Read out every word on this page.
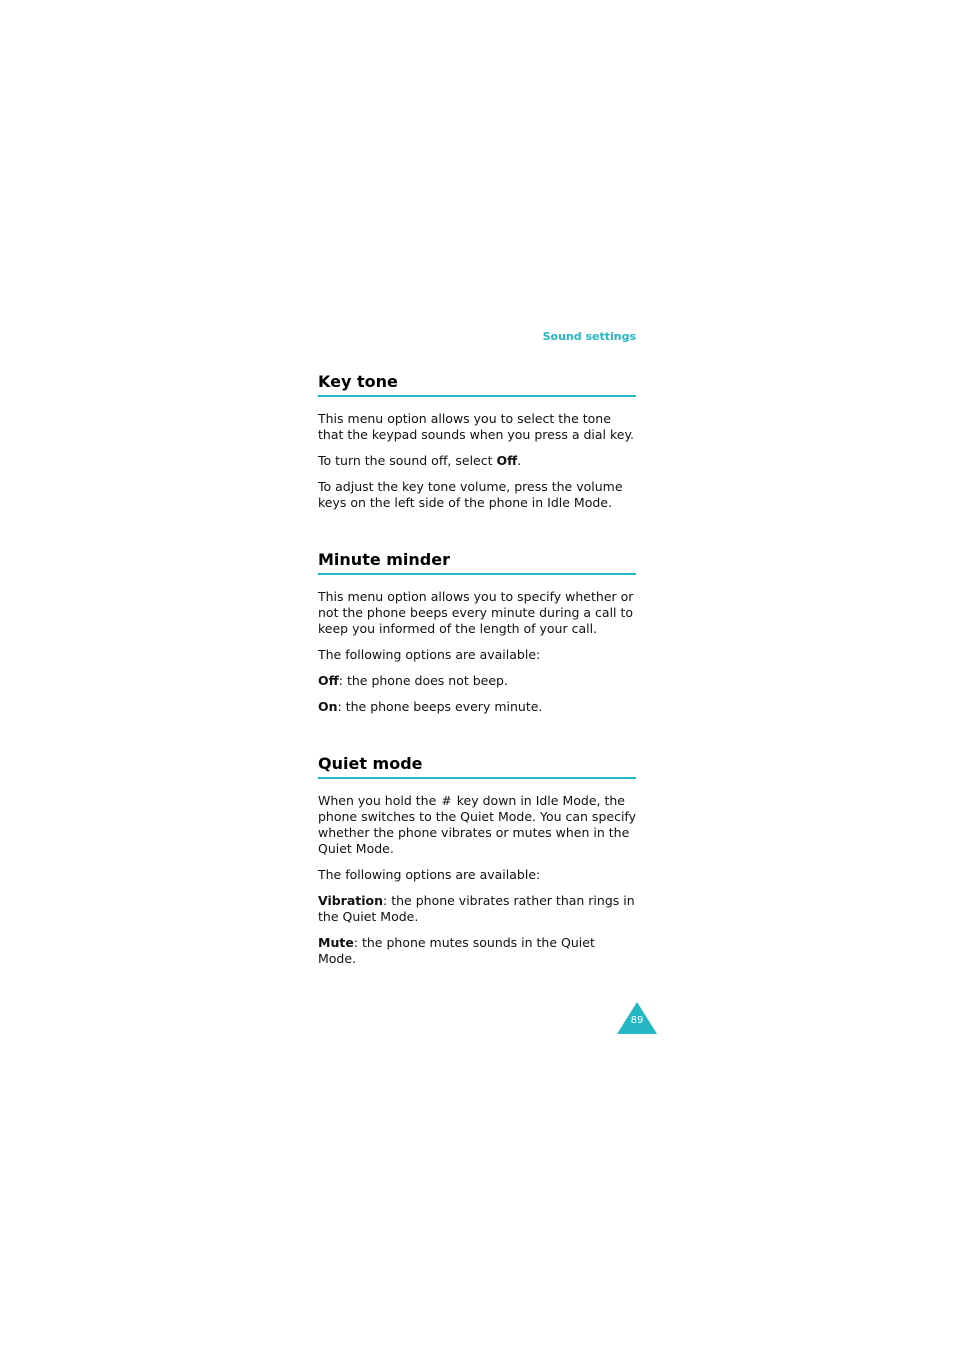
Sound settings
Key tone

This menu option allows you to select the tone that the keypad sounds when you press a dial key.

To turn the sound off, select Off.

To adjust the key tone volume, press the volume keys on the left side of the phone in Idle Mode.

Minute minder

This menu option allows you to specify whether or not the phone beeps every minute during a call to keep you informed of the length of your call.

The following options are available:

Off: the phone does not beep.

On: the phone beeps every minute.

Quiet mode

When you hold the # key down in Idle Mode, the phone switches to the Quiet Mode. You can specify whether the phone vibrates or mutes when in the Quiet Mode.

The following options are available:

Vibration: the phone vibrates rather than rings in the Quiet Mode.

Mute: the phone mutes sounds in the Quiet Mode.

89
